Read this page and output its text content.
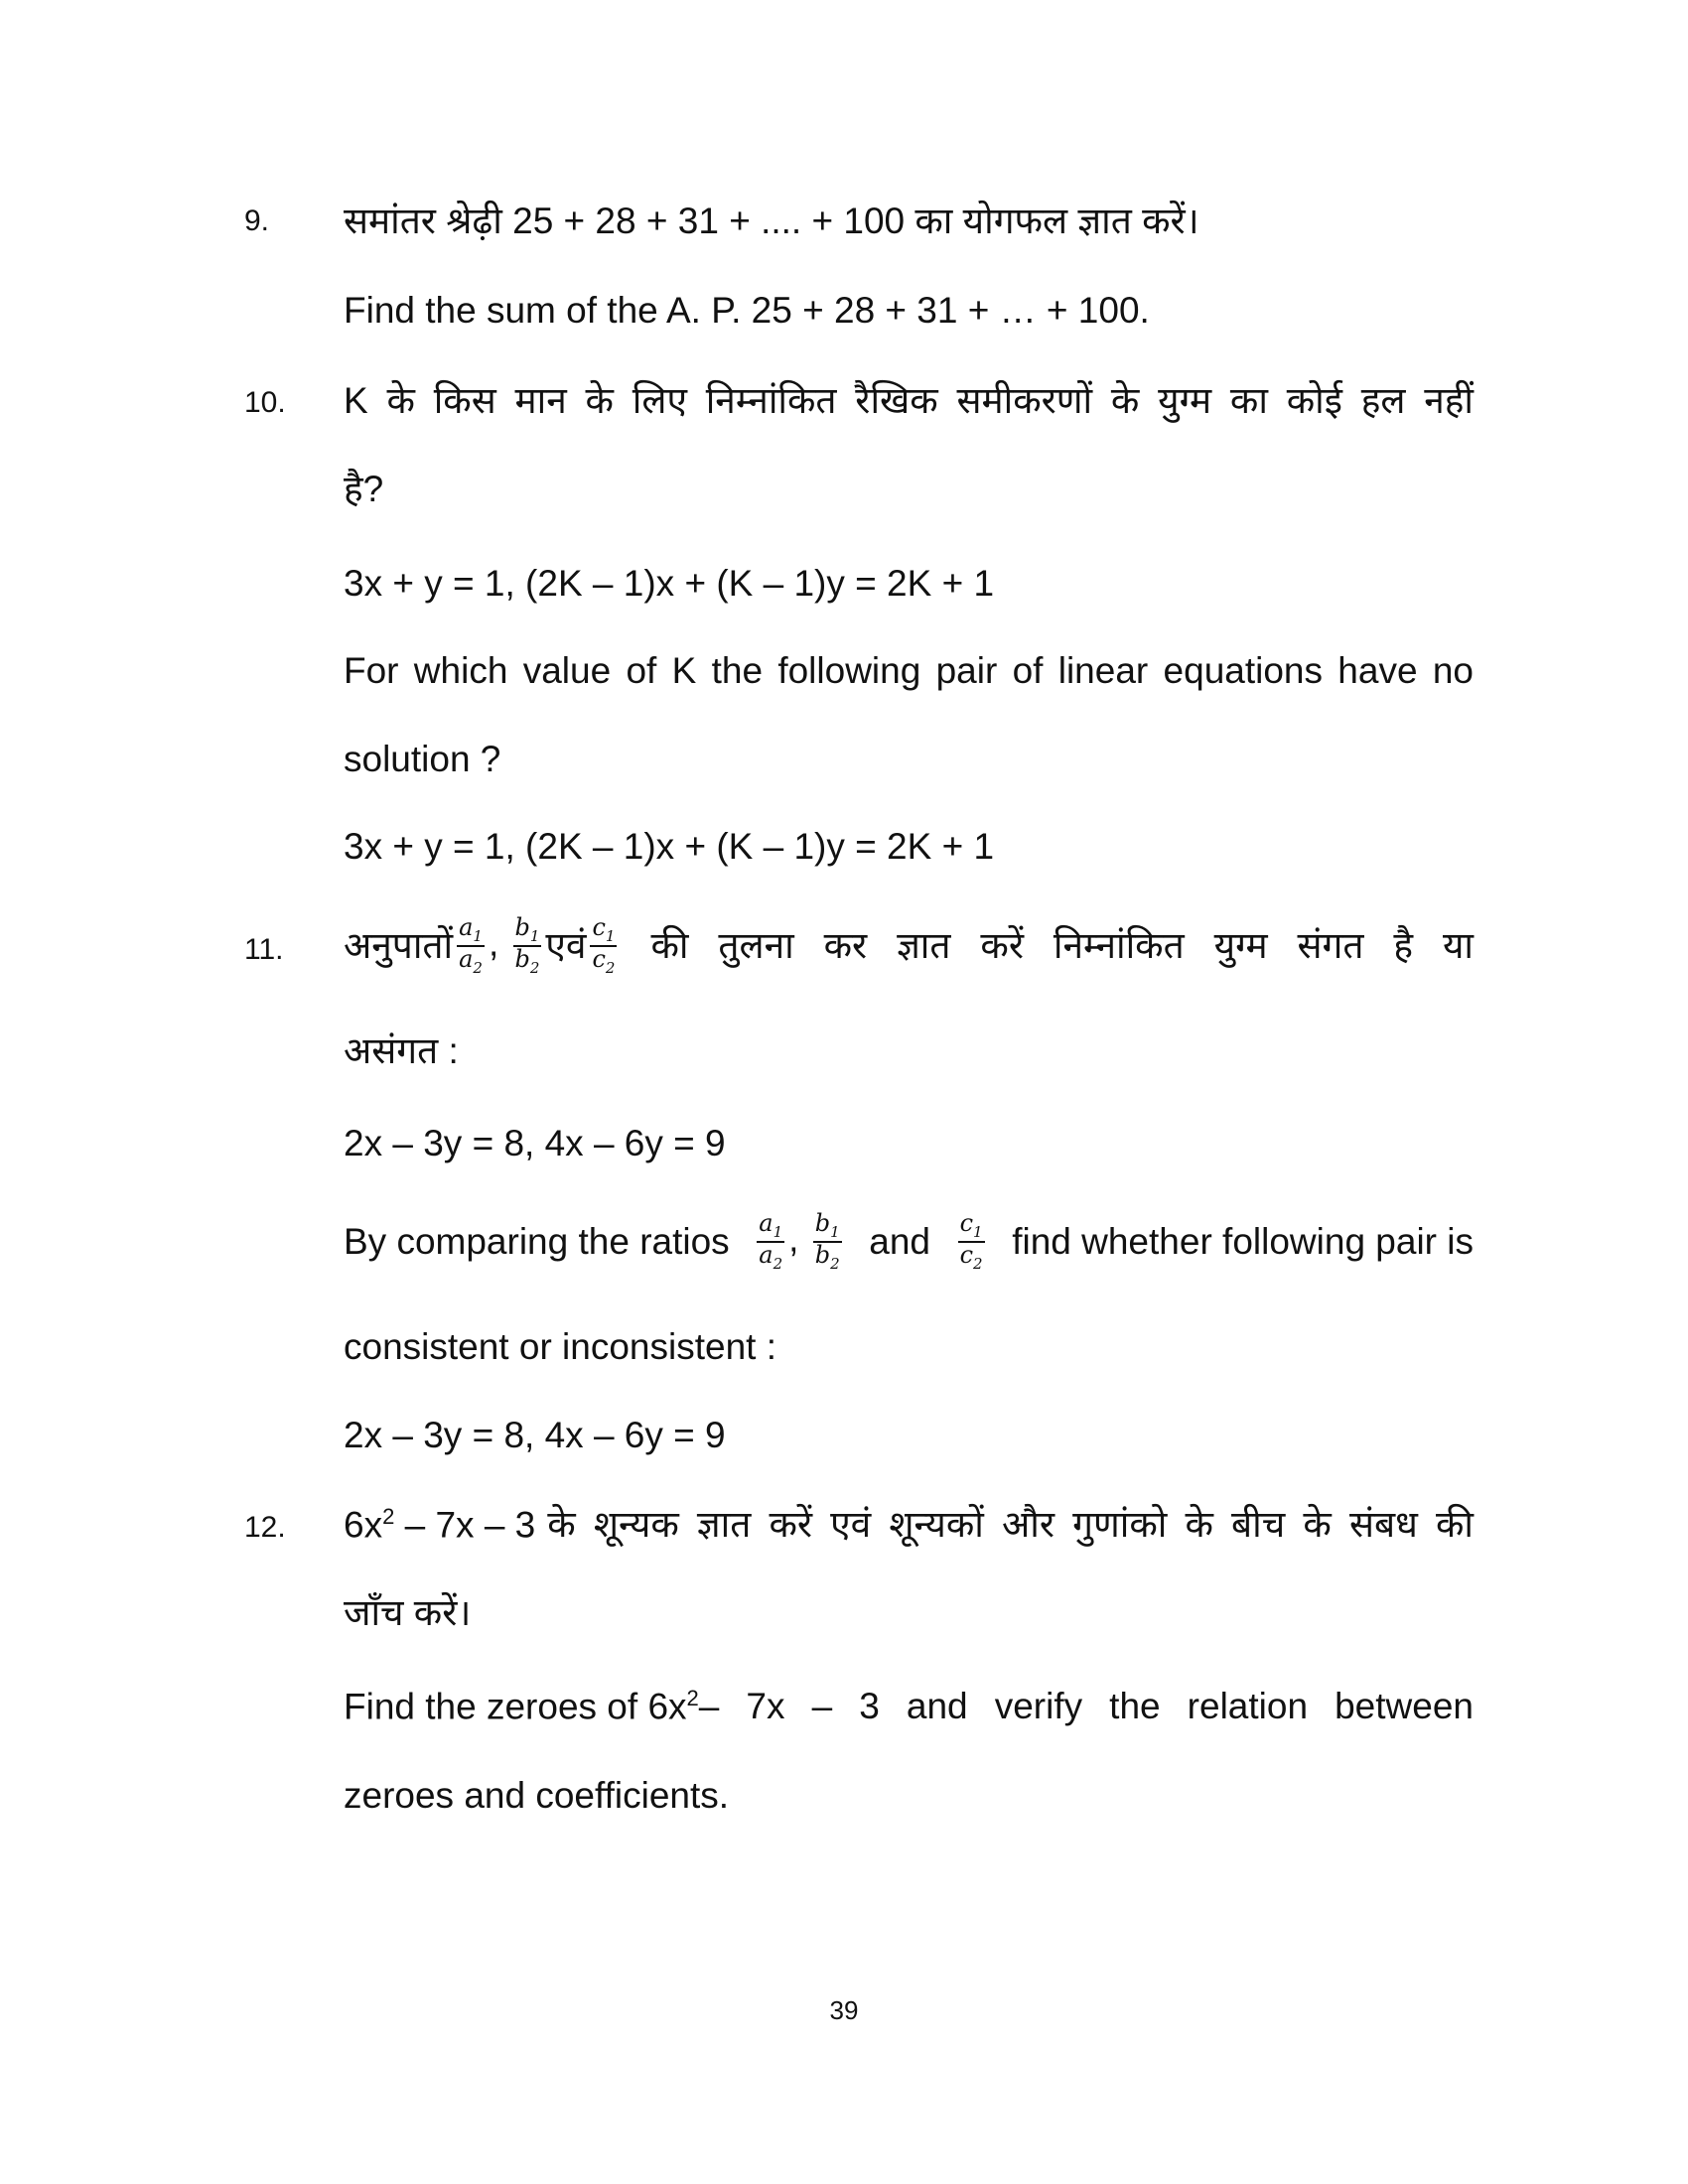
9. समांतर श्रेढ़ी 25 + 28 + 31 + .... + 100 का योगफल ज्ञात करें।
Find the sum of the A. P. 25 + 28 + 31 + … + 100.
10. K के किस मान के लिए निम्नांकित रैखिक समीकरणों के युग्म का कोई हल नहीं
है?
3x + y = 1, (2K – 1)x + (K – 1)y = 2K + 1
For which value of K the following pair of linear equations have no
solution ?
3x + y = 1, (2K – 1)x + (K – 1)y = 2K + 1
11. अनुपातों $\frac{a_1}{a_2}$ , $\frac{b_1}{b_2}$ एवं $\frac{c_1}{c_2}$ की तुलना कर ज्ञात करें निम्नांकित युग्म संगत है या
असंगत :
2x – 3y = 8, 4x – 6y = 9
By comparing the ratios $\frac{a_1}{a_2}$ , $\frac{b_1}{b_2}$ and $\frac{c_1}{c_2}$ find whether following pair is
consistent or inconsistent :
2x – 3y = 8, 4x – 6y = 9
12. $6x^2 - 7x - 3$ के शून्यक ज्ञात करें एवं शून्यकों और गुणांको के बीच के संबध की
जाँच करें।
Find the zeroes of $6x^2 - 7x - 3$ and verify the relation between
zeroes and coefficients.
39
